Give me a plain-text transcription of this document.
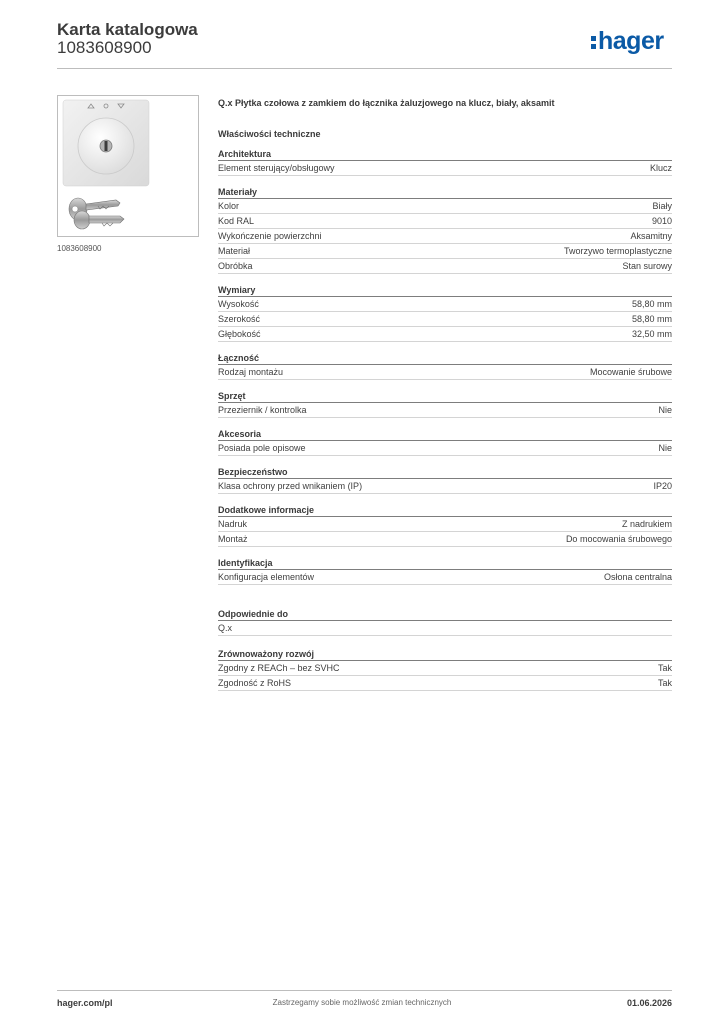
Karta katalogowa
1083608900	hager
1083608900
Q.x Płytka czołowa z zamkiem do łącznika żaluzjowego na klucz, biały, aksamit
Właściwości techniczne
Architektura
Element sterujący/obsługowy	Klucz
Materiały
Kolor	Biały
Kod RAL	9010
Wykończenie powierzchni	Aksamitny
Materiał	Tworzywo termoplastyczne
Obróbka	Stan surowy
Wymiary
Wysokość	58,80 mm
Szerokość	58,80 mm
Głębokość	32,50 mm
Łączność
Rodzaj montażu	Mocowanie śrubowe
Sprzęt
Przeziernik / kontrolka	Nie
Akcesoria
Posiada pole opisowe	Nie
Bezpieczeństwo
Klasa ochrony przed wnikaniem (IP)	IP20
Dodatkowe informacje
Nadruk	Z nadrukiem
Montaż	Do mocowania śrubowego
Identyfikacja
Konfiguracja elementów	Osłona centralna
Odpowiednie do
Q.x
Zrównoważony rozwój
Zgodny z REACh – bez SVHC	Tak
Zgodność z RoHS	Tak
hager.com/pl	Zastrzegamy sobie możliwość zmian technicznych	01.06.2026
